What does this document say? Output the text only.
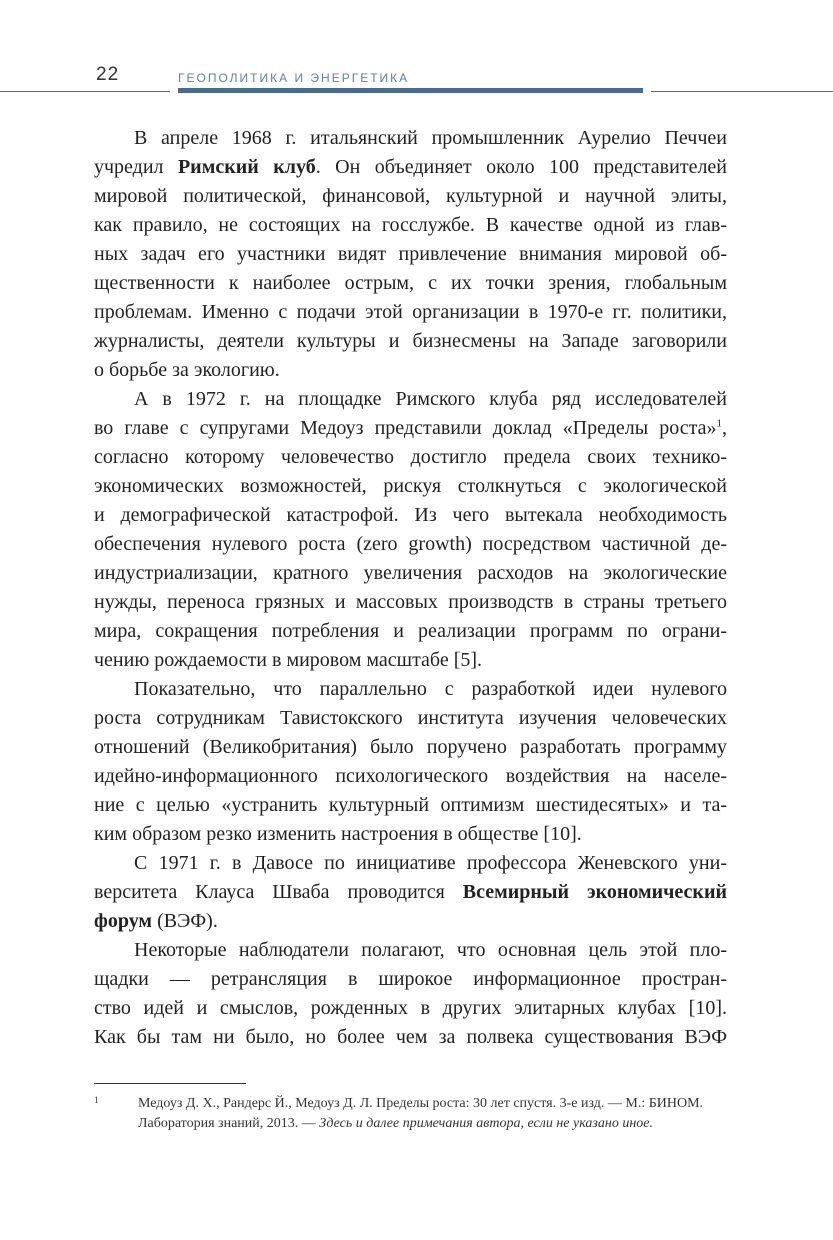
22	ГЕОПОЛИТИКА И ЭНЕРГЕТИКА
В апреле 1968 г. итальянский промышленник Аурелио Печчеи
учредил Римский клуб. Он объединяет около 100 представителей
мировой политической, финансовой, культурной и научной элиты,
как правило, не состоящих на госслужбе. В качестве одной из глав-
ных задач его участники видят привлечение внимания мировой об-
щественности к наиболее острым, с их точки зрения, глобальным
проблемам. Именно с подачи этой организации в 1970-е гг. политики,
журналисты, деятели культуры и бизнесмены на Западе заговорили
о борьбе за экологию.
А в 1972 г. на площадке Римского клуба ряд исследователей
во главе с супругами Медоуз представили доклад «Пределы роста»$^1$,
согласно которому человечество достигло предела своих технико-
экономических возможностей, рискуя столкнуться с экологической
и демографической катастрофой. Из чего вытекала необходимость
обеспечения нулевого роста (zero growth) посредством частичной де-
индустриализации, кратного увеличения расходов на экологические
нужды, переноса грязных и массовых производств в страны третьего
мира, сокращения потребления и реализации программ по ограни-
чению рождаемости в мировом масштабе [5].
Показательно, что параллельно с разработкой идеи нулевого
роста сотрудникам Тавистокского института изучения человеческих
отношений (Великобритания) было поручено разработать программу
идейно-информационного психологического воздействия на населе-
ние с целью «устранить культурный оптимизм шестидесятых» и та-
ким образом резко изменить настроения в обществе [10].
С 1971 г. в Давосе по инициативе профессора Женевского уни-
верситета Клауса Шваба проводится Всемирный экономический
форум (ВЭФ).
Некоторые наблюдатели полагают, что основная цель этой пло-
щадки — ретрансляция в широкое информационное простран-
ство идей и смыслов, рожденных в других элитарных клубах [10].
Как бы там ни было, но более чем за полвека существования ВЭФ
1	Медоуз Д. Х., Рандерс Й., Медоуз Д. Л. Пределы роста: 30 лет спустя. 3-е изд. — М.: БИНОМ. Лаборатория знаний, 2013. — Здесь и далее примечания автора, если не указано иное.
